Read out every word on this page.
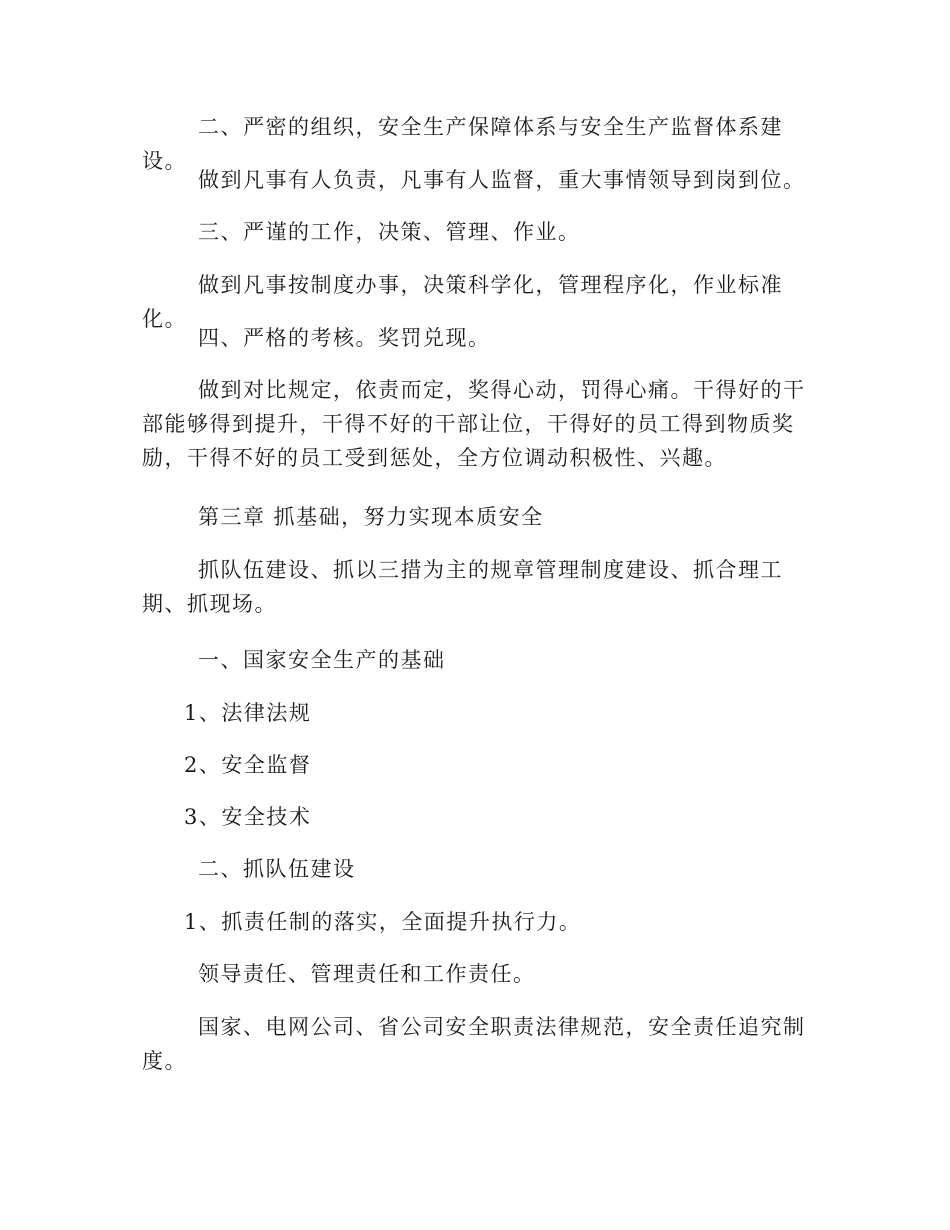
二、严密的组织，安全生产保障体系与安全生产监督体系建设。

做到凡事有人负责，凡事有人监督，重大事情领导到岗到位。

三、严谨的工作，决策、管理、作业。

做到凡事按制度办事，决策科学化，管理程序化，作业标准化。

四、严格的考核。奖罚兑现。

做到对比规定，依责而定，奖得心动，罚得心痛。干得好的干部能够得到提升，干得不好的干部让位，干得好的员工得到物质奖励，干得不好的员工受到惩处，全方位调动积极性、兴趣。

第三章 抓基础，努力实现本质安全

抓队伍建设、抓以三措为主的规章管理制度建设、抓合理工期、抓现场。

一、国家安全生产的基础

1、法律法规

2、安全监督

3、安全技术

二、抓队伍建设

1、抓责任制的落实，全面提升执行力。

领导责任、管理责任和工作责任。

国家、电网公司、省公司安全职责法律规范，安全责任追究制度。
